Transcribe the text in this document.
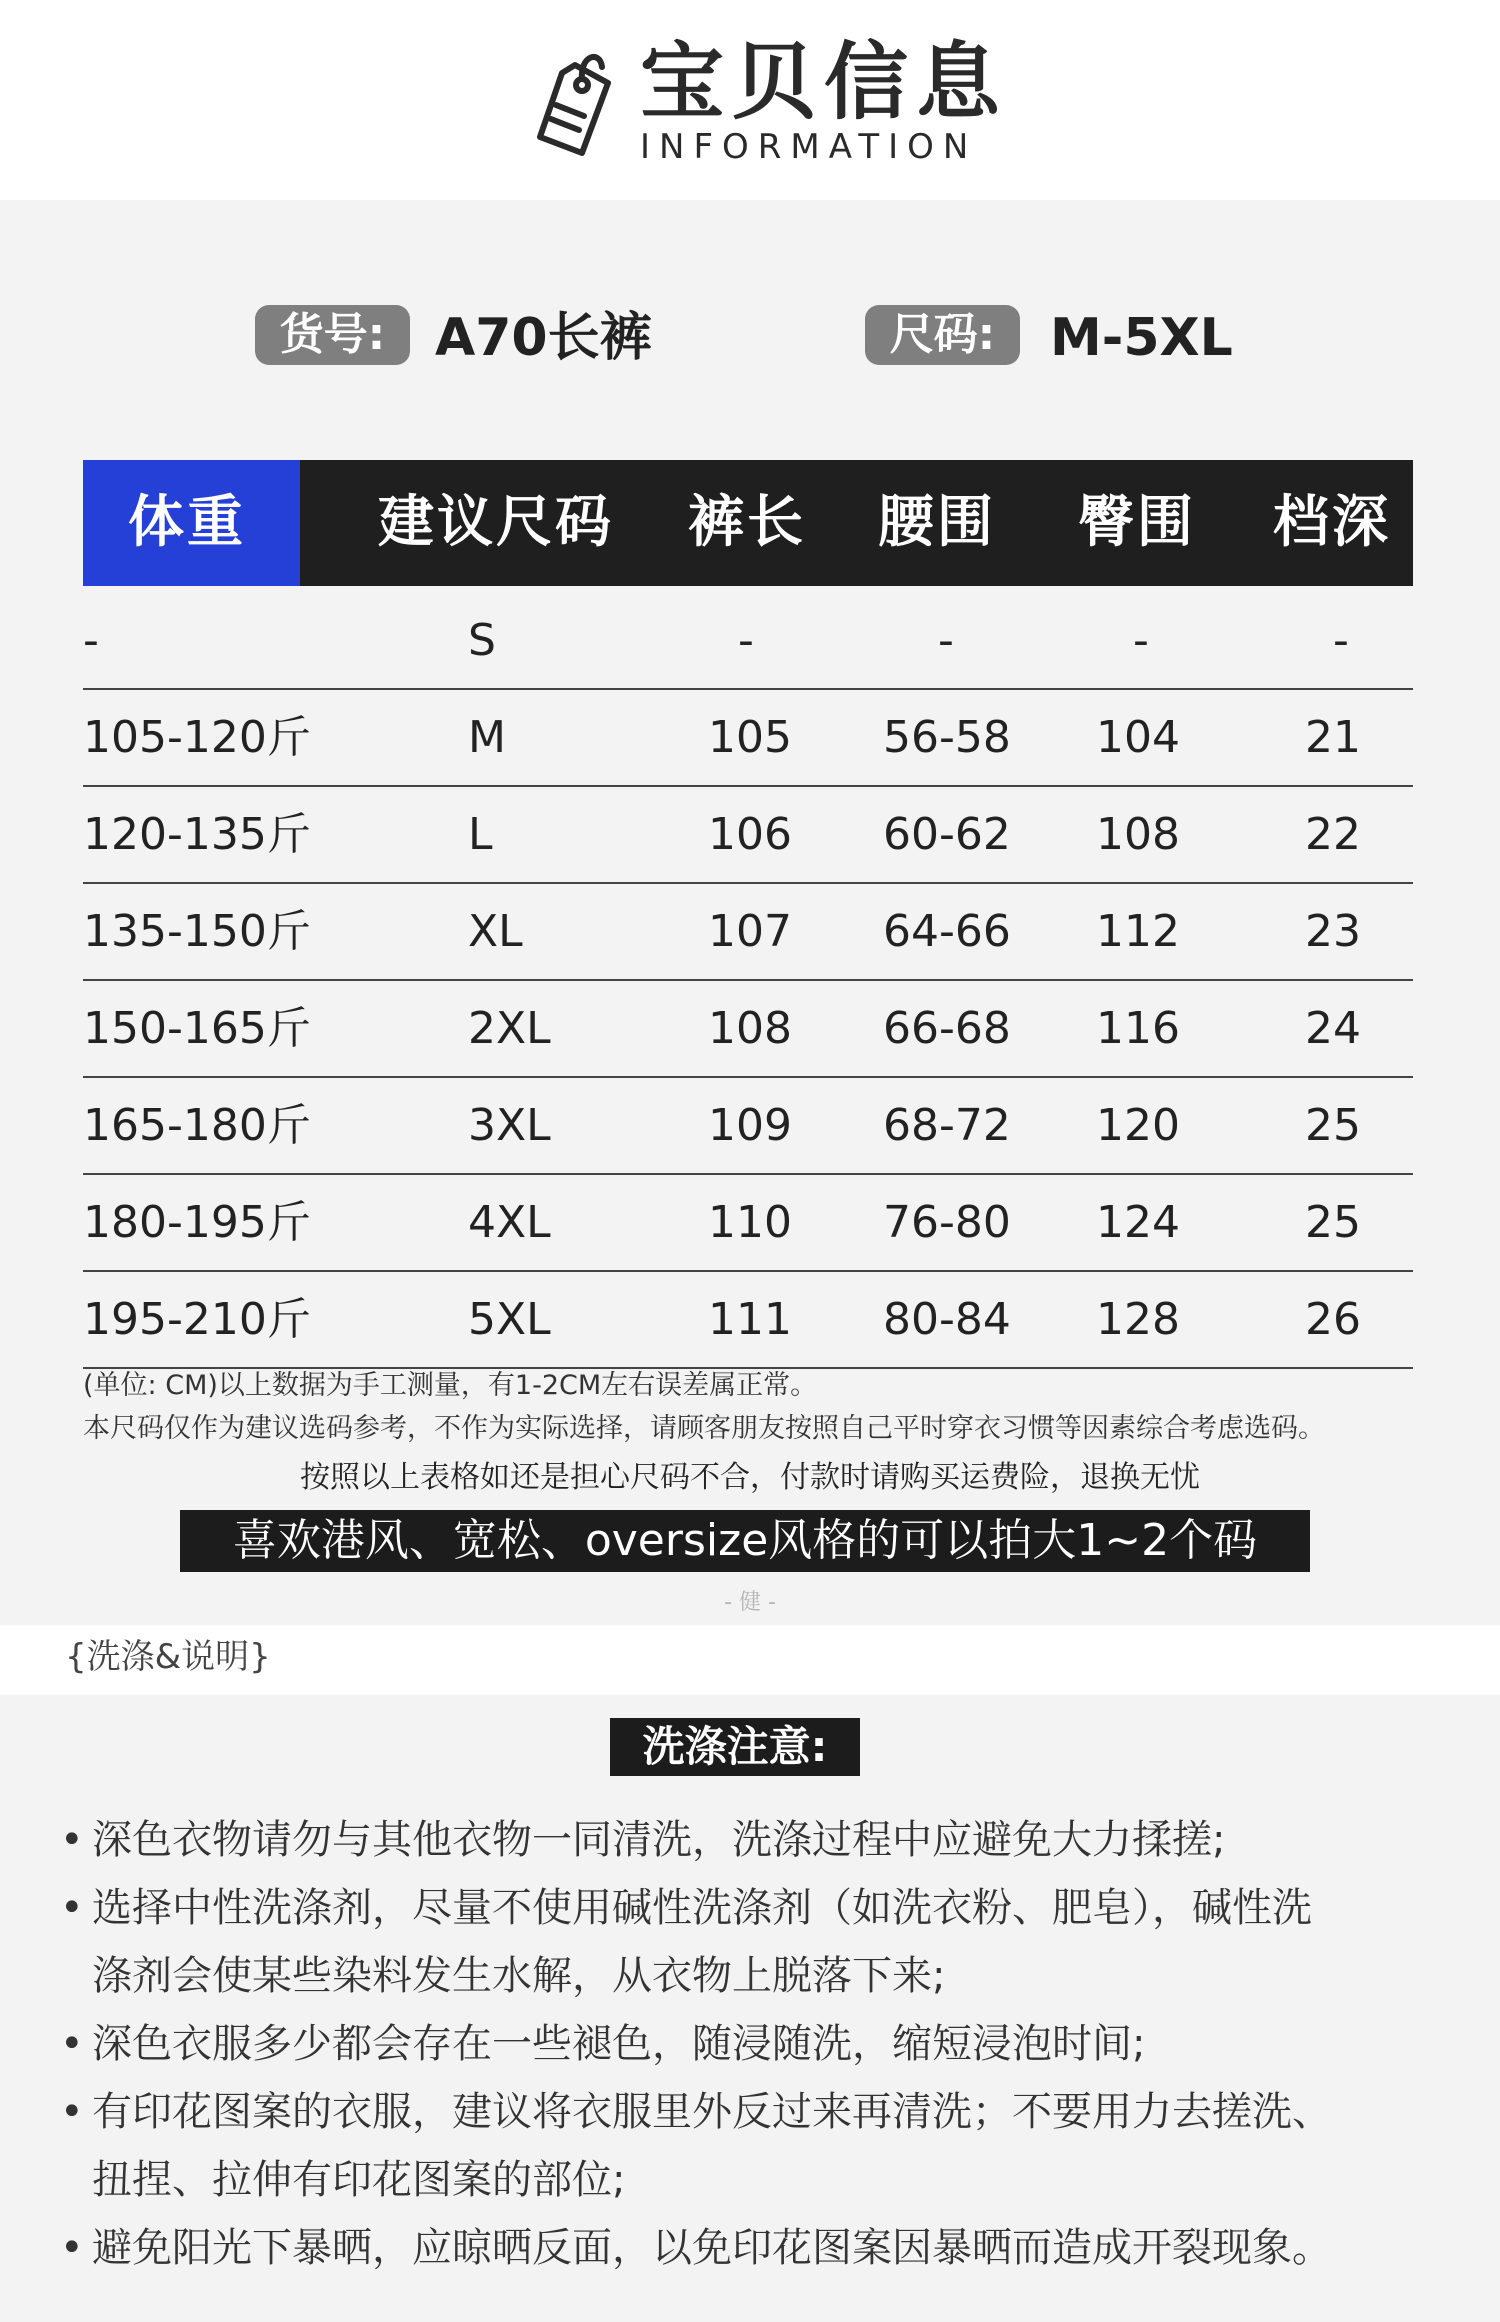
宝贝信息
INFORMATION
货号: A70长裤	尺码:	M-5XL
体重 建议尺码 裤长 腰围 臀围 档深
-	S	-	-	-	-
105-120斤	M	105 56-58 104	21
120-135斤	L	106 60-62 108	22
135-150斤	XL	107 64-66 112	23
150-165斤	2XL	108 66-68 116	24
165-180斤	3XL	109 68-72 120	25
180-195斤	4XL	110 76-80 124	25
195-210斤	5XL	111 80-84 128	26
(单位: CM)以上数据为手工测量，有1-2CM左右误差属正常。
本尺码仅作为建议选码参考，不作为实际选择，请顾客朋友按照自己平时穿衣习惯等因素综合考虑选码。
按照以上表格如还是担心尺码不合，付款时请购买运费险，退换无忧
喜欢港风、宽松、oversize风格的可以拍大1~2个码
- 健 -
{洗涤&说明}
洗涤注意:
• 深色衣物请勿与其他衣物一同清洗，洗涤过程中应避免大力揉搓;
• 选择中性洗涤剂，尽量不使用碱性洗涤剂（如洗衣粉、肥皂），碱性洗
涤剂会使某些染料发生水解，从衣物上脱落下来;
• 深色衣服多少都会存在一些褪色，随浸随洗，缩短浸泡时间;
• 有印花图案的衣服，建议将衣服里外反过来再清洗；不要用力去搓洗、
扭捏、拉伸有印花图案的部位;
• 避免阳光下暴晒，应晾晒反面，以免印花图案因暴晒而造成开裂现象。
